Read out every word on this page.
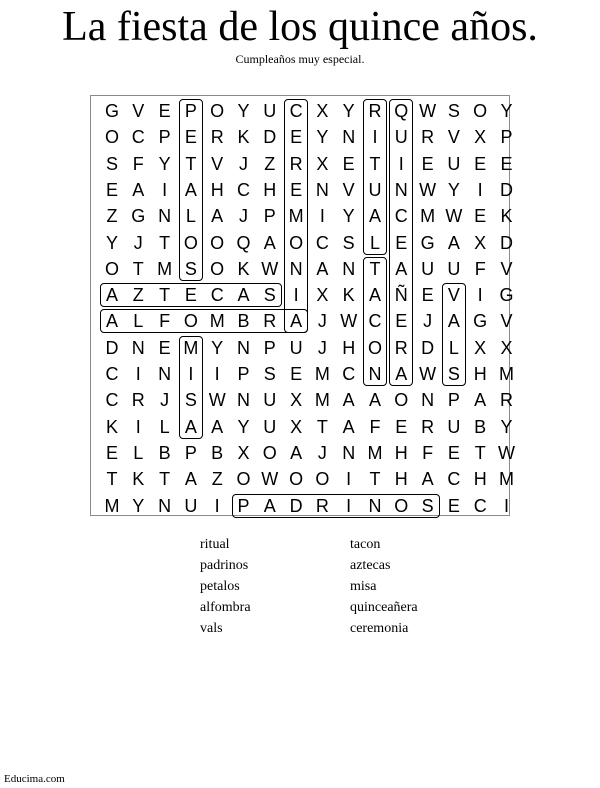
La fiesta de los quince años.
Cumpleaños muy especial.
G V E P O Y U C X Y R Q W S O Y
O C P E R K D E Y N I U R V X P
S F Y T V J Z R X E T	I E U E E
E A I A H C H E N V U N W Y I D
Z G N L A J P M I Y A C M W E K
Y J T O O Q A O C S L E G A X D
O T M S O K W N A N T A U U F V
A Z T E C A S I X K A Ñ E V I G
A L F O M B R A J W C E J A G V
D N E M Y N P U J H O R D L X X
C I N I	I P S E M C N A W S H M
C R J S W N U X M A A O N P A R
K I	L A A Y U X T A F E R U B Y
E L B P B X O A J N M H F E T W
T K T A Z O W O O I	T H A C H M
M Y N U I P A D R I N O S E C I
ritual
padrinos
petalos
alfombra
vals
tacon
aztecas
misa
quinceañera
ceremonia
Educima.com
